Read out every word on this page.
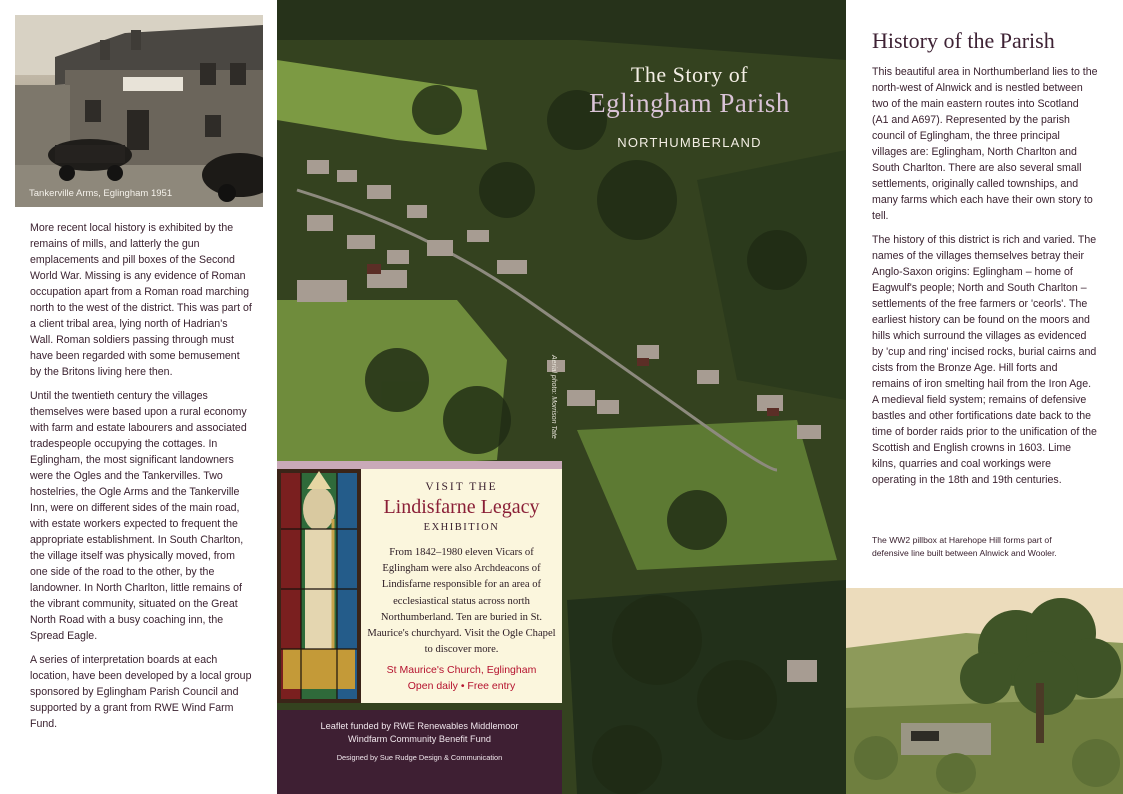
Tankerville Arms, Eglingham 1951

More recent local history is exhibited by the remains of mills, and latterly the gun emplacements and pill boxes of the Second World War. Missing is any evidence of Roman occupation apart from a Roman road marching north to the west of the district. This was part of a client tribal area, lying north of Hadrian's Wall. Roman soldiers passing through must have been regarded with some bemusement by the Britons living here then.

Until the twentieth century the villages themselves were based upon a rural economy with farm and estate labourers and associated tradespeople occupying the cottages. In Eglingham, the most significant landowners were the Ogles and the Tankervilles. Two hostelries, the Ogle Arms and the Tankerville Inn, were on different sides of the main road, with estate workers expected to frequent the appropriate establishment. In South Charlton, the village itself was physically moved, from one side of the road to the other, by the landowner. In North Charlton, little remains of the vibrant community, situated on the Great North Road with a busy coaching inn, the Spread Eagle.

A series of interpretation boards at each location, have been developed by a local group sponsored by Eglingham Parish Council and supported by a grant from RWE Wind Farm Fund.

The Story of
Eglingham Parish
NORTHUMBERLAND
Aerial photo: Morrison Tate
VISIT THE
Lindisfarne Legacy
EXHIBITION
From 1842–1980 eleven Vicars of Eglingham were also Archdeacons of Lindisfarne responsible for an area of ecclesiastical status across north Northumberland. Ten are buried in St. Maurice's churchyard. Visit the Ogle Chapel to discover more.
St Maurice's Church, Eglingham
Open daily • Free entry
Leaflet funded by RWE Renewables Middlemoor
Windfarm Community Benefit Fund
Designed by Sue Rudge Design & Communication
History of the Parish

This beautiful area in Northumberland lies to the north-west of Alnwick and is nestled between two of the main eastern routes into Scotland (A1 and A697). Represented by the parish council of Eglingham, the three principal villages are: Eglingham, North Charlton and South Charlton. There are also several small settlements, originally called townships, and many farms which each have their own story to tell.

The history of this district is rich and varied. The names of the villages themselves betray their Anglo-Saxon origins: Eglingham – home of Eagwulf's people; North and South Charlton – settlements of the free farmers or 'ceorls'. The earliest history can be found on the moors and hills which surround the villages as evidenced by 'cup and ring' incised rocks, burial cairns and cists from the Bronze Age. Hill forts and remains of iron smelting hail from the Iron Age. A medieval field system; remains of defensive bastles and other fortifications date back to the time of border raids prior to the unification of the Scottish and English crowns in 1603. Lime kilns, quarries and coal workings were operating in the 18th and 19th centuries.

The WW2 pillbox at Harehope Hill forms part of defensive line built between Alnwick and Wooler.
